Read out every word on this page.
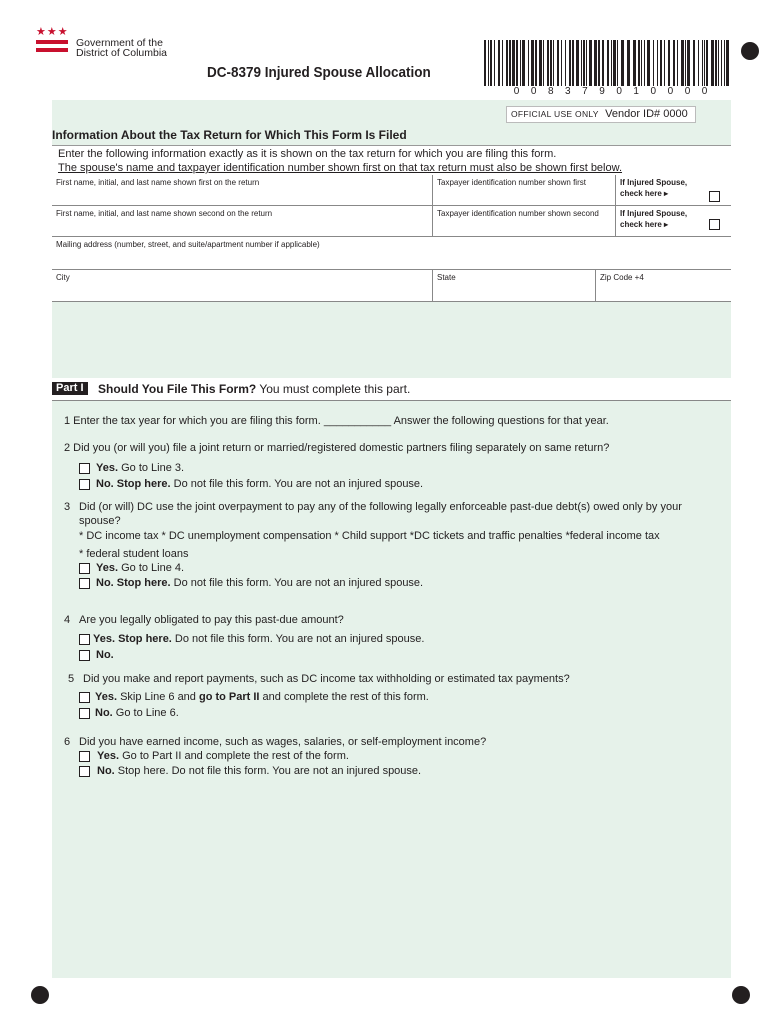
★★★
Government of the
District of Columbia
DC-8379 Injured Spouse Allocation
0	0	8	3	7	9	0	1	0	0	0	0
OFFICIAL USE ONLY Vendor ID# 0000
Information About the Tax Return for Which This Form Is Filed
Enter the following information exactly as it is shown on the tax return for which you are filing this form.
The spouse's name and taxpayer identification number shown first on that tax return must also be shown first below.
First name, initial, and last name shown first on the return	Taxpayer identification number shown first	If Injured Spouse,
check here ▸
First name, initial, and last name shown second on the return	Taxpayer identification number shown second	If Injured Spouse,
check here ▸
Mailing address (number, street, and suite/apartment number if applicable)
City	State	Zip Code +4
Part I	Should You File This Form? You must complete this part.
1 Enter the tax year for which you are filing this form. ___________ Answer the following questions for that year.
2 Did you (or will you) file a joint return or married/registered domestic partners filing separately on same return?
Yes. Go to Line 3.
No. Stop here. Do not file this form. You are not an injured spouse.
3 Did (or will) DC use the joint overpayment to pay any of the following legally enforceable past-due debt(s) owed only by your
spouse?
* DC income tax * DC unemployment compensation * Child support *DC tickets and traffic penalties *federal income tax
* federal student loans
Yes. Go to Line 4.
No. Stop here. Do not file this form. You are not an injured spouse.
4 Are you legally obligated to pay this past-due amount?
Yes. Stop here. Do not file this form. You are not an injured spouse.
No.
5 Did you make and report payments, such as DC income tax withholding or estimated tax payments?
Yes. Skip Line 6 and go to Part II and complete the rest of this form.
No. Go to Line 6.
6 Did you have earned income, such as wages, salaries, or self-employment income?
Yes. Go to Part II and complete the rest of the form.
No. Stop here. Do not file this form. You are not an injured spouse.
